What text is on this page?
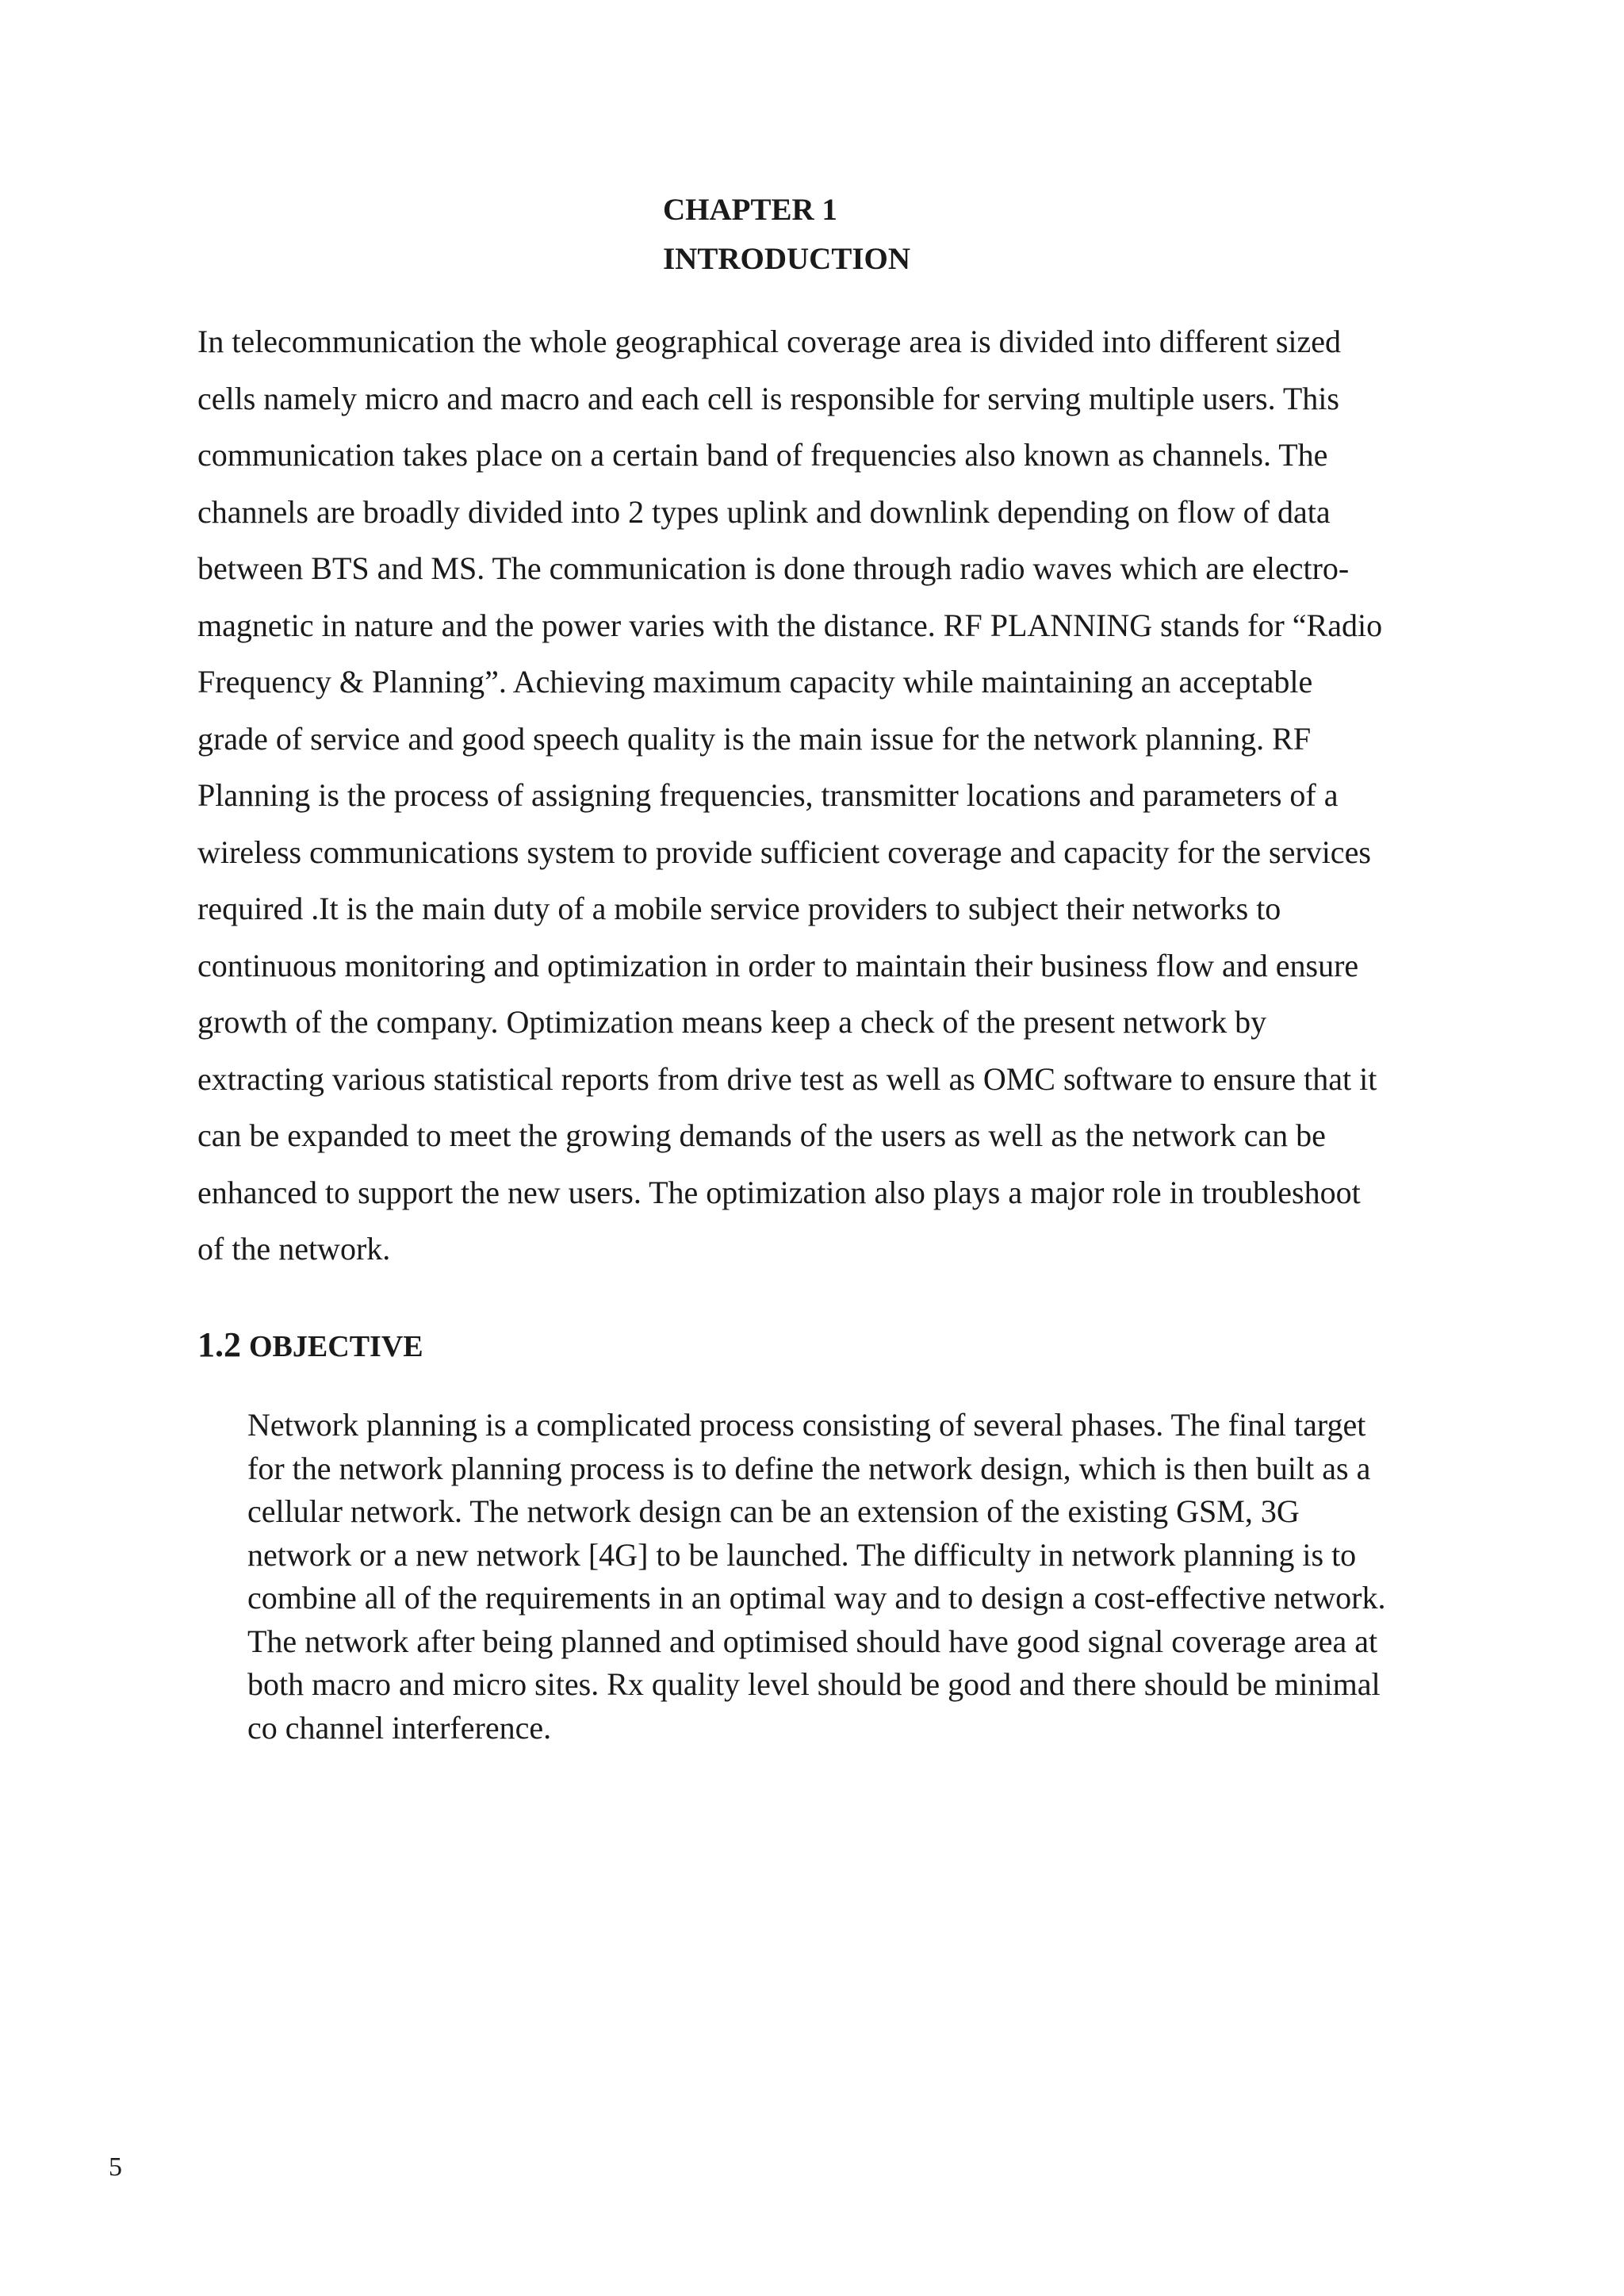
CHAPTER 1
INTRODUCTION
In telecommunication the whole geographical coverage area is divided into different sized
cells namely micro and macro and each cell is responsible for serving multiple users. This
communication takes place on a certain band of frequencies also known as channels. The
channels are broadly divided into 2 types uplink and downlink depending on flow of data
between BTS and MS. The communication is done through radio waves which are electro-
magnetic in nature and the power varies with the distance. RF PLANNING stands for “Radio
Frequency & Planning”. Achieving maximum capacity while maintaining an acceptable
grade of service and good speech quality is the main issue for the network planning. RF
Planning is the process of assigning frequencies, transmitter locations and parameters of a
wireless communications system to provide sufficient coverage and capacity for the services
required .It is the main duty of a mobile service providers to subject their networks to
continuous monitoring and optimization in order to maintain their business flow and ensure
growth of the company. Optimization means keep a check of the present network by
extracting various statistical reports from drive test as well as OMC software to ensure that it
can be expanded to meet the growing demands of the users as well as the network can be
enhanced to support the new users. The optimization also plays a major role in troubleshoot
of the network.
1.2 OBJECTIVE
Network planning is a complicated process consisting of several phases. The final target
for the network planning process is to define the network design, which is then built as a
cellular network. The network design can be an extension of the existing GSM, 3G
network or a new network [4G] to be launched. The difficulty in network planning is to
combine all of the requirements in an optimal way and to design a cost-effective network.
The network after being planned and optimised should have good signal coverage area at
both macro and micro sites. Rx quality level should be good and there should be minimal
co channel interference.
5
